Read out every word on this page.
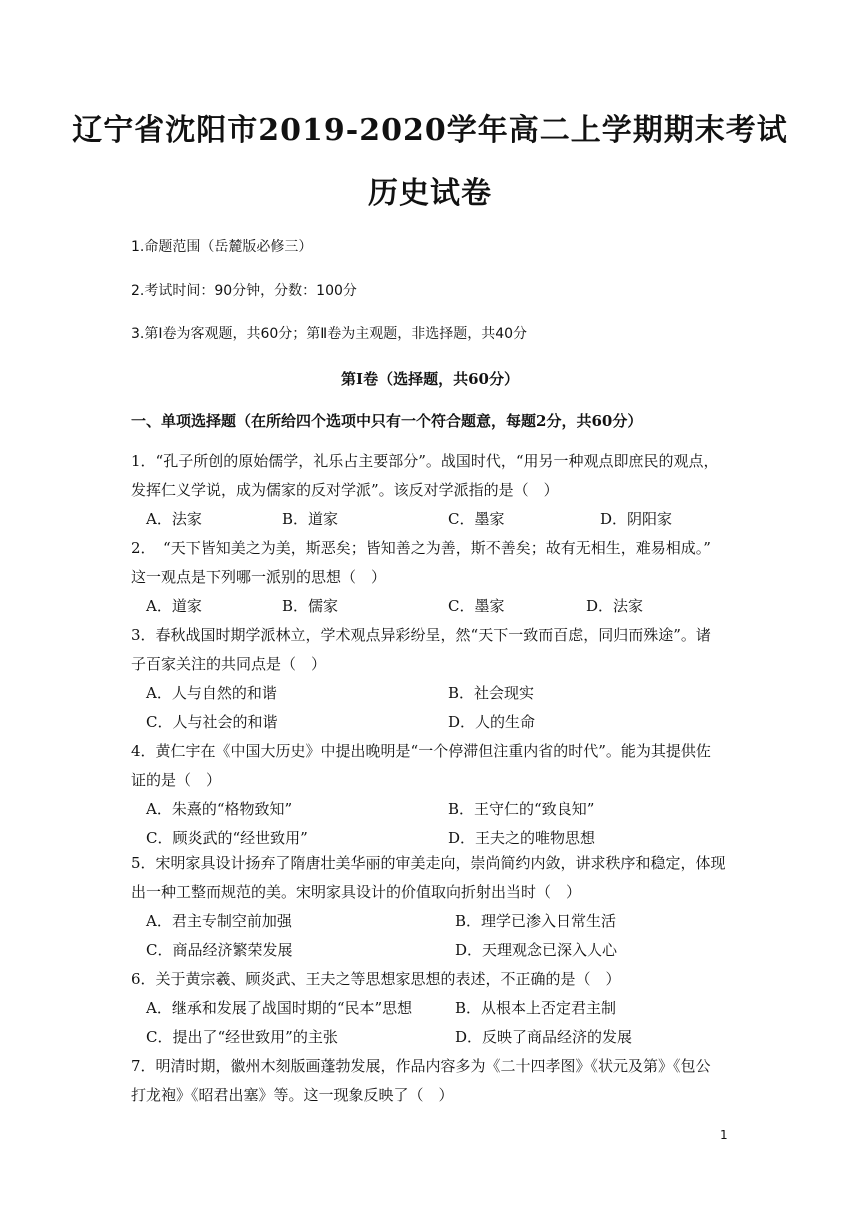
辽宁省沈阳市2019-2020学年高二上学期期末考试
历史试卷
1.命题范围（岳麓版必修三）
2.考试时间：90分钟，分数：100分
3.第Ⅰ卷为客观题，共60分；第Ⅱ卷为主观题，非选择题，共40分
第Ⅰ卷（选择题，共60分）
一、单项选择题（在所给四个选项中只有一个符合题意，每题2分，共60分）
1．“孔子所创的原始儒学，礼乐占主要部分”。战国时代，“用另一种观点即庶民的观点，
发挥仁义学说，成为儒家的反对学派”。该反对学派指的是（　）
A．法家	B．道家	C．墨家	D．阴阳家
2．　“天下皆知美之为美，斯恶矣；皆知善之为善，斯不善矣；故有无相生，难易相成。”
这一观点是下列哪一派别的思想（　）
A．道家	B．儒家	C．墨家	D．法家
3．春秋战国时期学派林立，学术观点异彩纷呈，然“天下一致而百虑，同归而殊途”。诸
子百家关注的共同点是（　）
A．人与自然的和谐	B．社会现实
C．人与社会的和谐	D．人的生命
4．黄仁宇在《中国大历史》中提出晚明是“一个停滞但注重内省的时代”。能为其提供佐
证的是（　）
A．朱熹的“格物致知”	B．王守仁的“致良知”
C．顾炎武的“经世致用”	D．王夫之的唯物思想
5．宋明家具设计扬弃了隋唐壮美华丽的审美走向，崇尚简约内敛，讲求秩序和稳定，体现
出一种工整而规范的美。宋明家具设计的价值取向折射出当时（　）
A．君主专制空前加强	B．理学已渗入日常生活
C．商品经济繁荣发展	D．天理观念已深入人心
6．关于黄宗羲、顾炎武、王夫之等思想家思想的表述，不正确的是（　）
A．继承和发展了战国时期的“民本”思想	B．从根本上否定君主制
C．提出了“经世致用”的主张	D．反映了商品经济的发展
7．明清时期，徽州木刻版画蓬勃发展，作品内容多为《二十四孝图》《状元及第》《包公
打龙袍》《昭君出塞》等。这一现象反映了（　）
1
